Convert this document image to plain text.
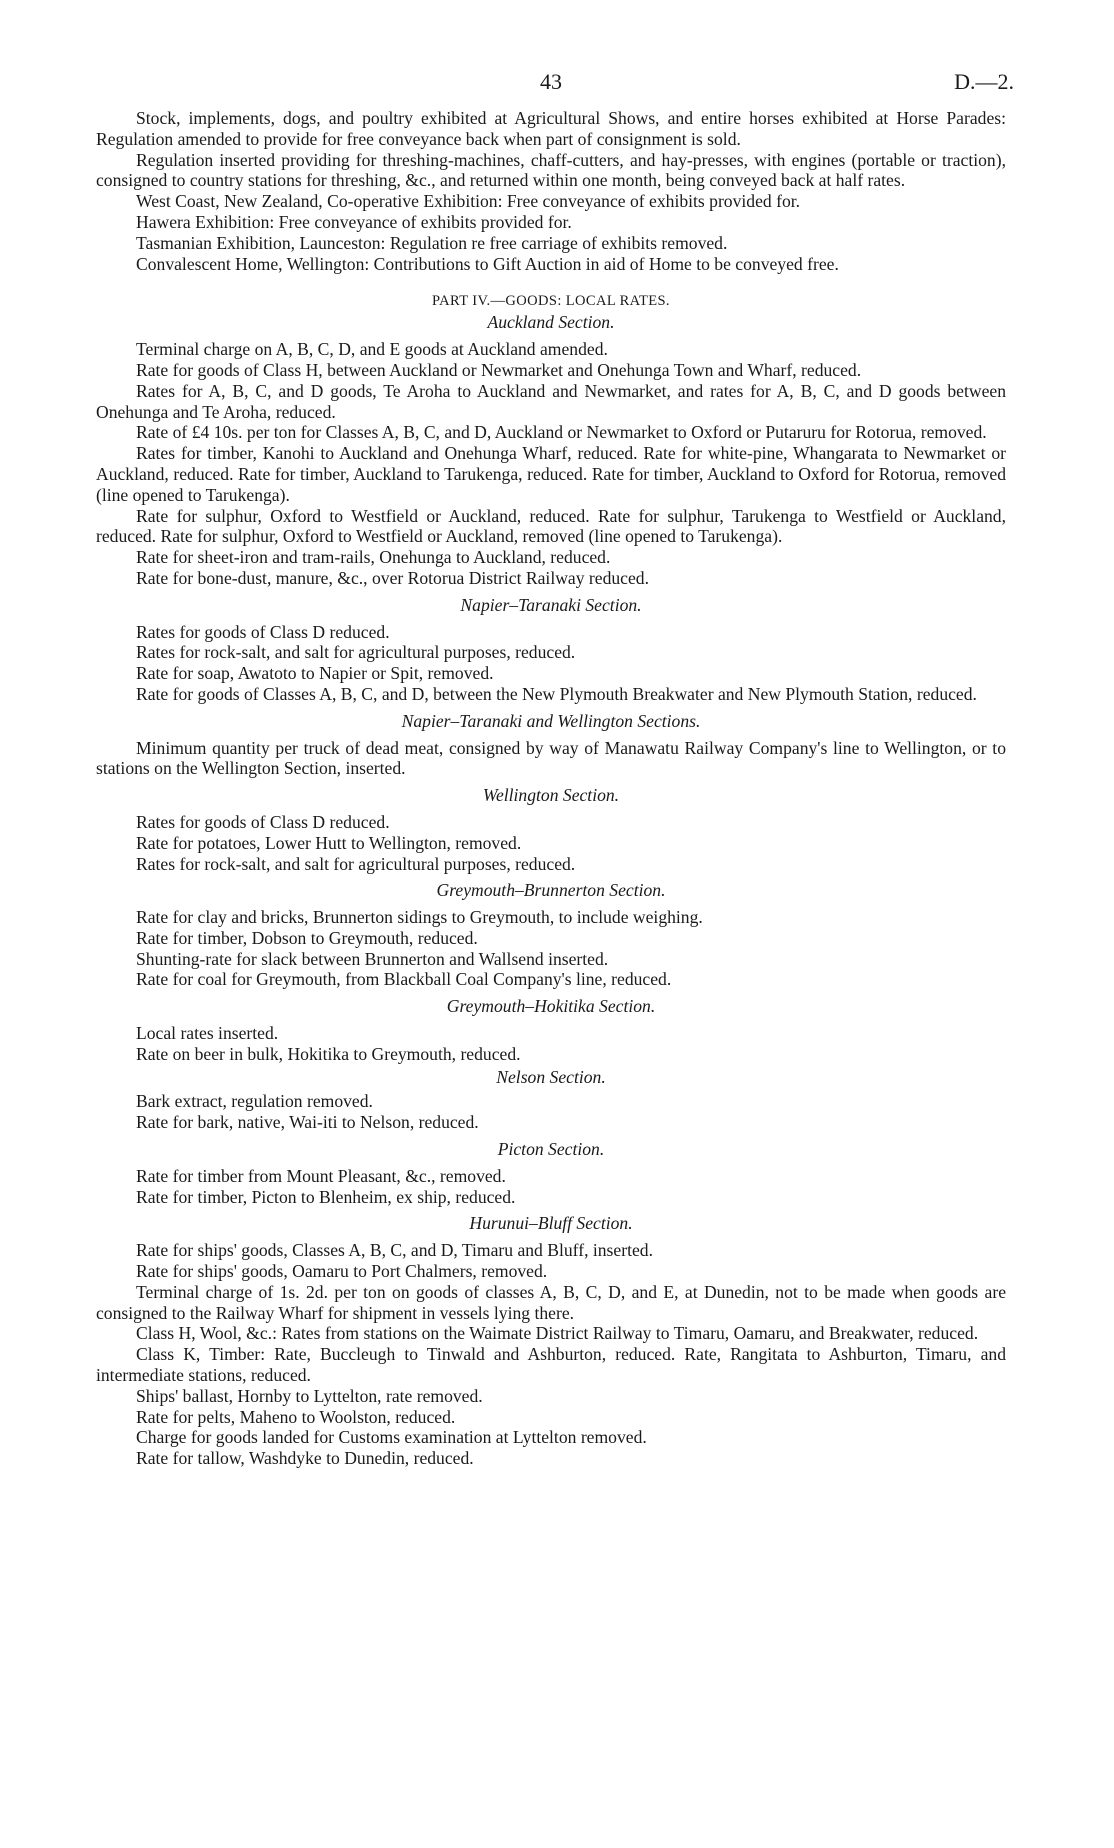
43	D.—2.

Stock, implements, dogs, and poultry exhibited at Agricultural Shows, and entire horses exhibited at Horse Parades: Regulation amended to provide for free conveyance back when part of consignment is sold.

Regulation inserted providing for threshing-machines, chaff-cutters, and hay-presses, with engines (portable or traction), consigned to country stations for threshing, &c., and returned within one month, being conveyed back at half rates.

West Coast, New Zealand, Co-operative Exhibition: Free conveyance of exhibits provided for.

Hawera Exhibition: Free conveyance of exhibits provided for.

Tasmanian Exhibition, Launceston: Regulation re free carriage of exhibits removed.

Convalescent Home, Wellington: Contributions to Gift Auction in aid of Home to be conveyed free.

PART IV.—GOODS: LOCAL RATES.
Auckland Section.

Terminal charge on A, B, C, D, and E goods at Auckland amended.

Rate for goods of Class H, between Auckland or Newmarket and Onehunga Town and Wharf, reduced.

Rates for A, B, C, and D goods, Te Aroha to Auckland and Newmarket, and rates for A, B, C, and D goods between Onehunga and Te Aroha, reduced.

Rate of £4 10s. per ton for Classes A, B, C, and D, Auckland or Newmarket to Oxford or Putaruru for Rotorua, removed.

Rates for timber, Kanohi to Auckland and Onehunga Wharf, reduced. Rate for white-pine, Whangarata to Newmarket or Auckland, reduced. Rate for timber, Auckland to Tarukenga, reduced. Rate for timber, Auckland to Oxford for Rotorua, removed (line opened to Tarukenga).

Rate for sulphur, Oxford to Westfield or Auckland, reduced. Rate for sulphur, Tarukenga to Westfield or Auckland, reduced. Rate for sulphur, Oxford to Westfield or Auckland, removed (line opened to Tarukenga).

Rate for sheet-iron and tram-rails, Onehunga to Auckland, reduced.

Rate for bone-dust, manure, &c., over Rotorua District Railway reduced.

Napier–Taranaki Section.

Rates for goods of Class D reduced.

Rates for rock-salt, and salt for agricultural purposes, reduced.

Rate for soap, Awatoto to Napier or Spit, removed.

Rate for goods of Classes A, B, C, and D, between the New Plymouth Breakwater and New Plymouth Station, reduced.

Napier–Taranaki and Wellington Sections.

Minimum quantity per truck of dead meat, consigned by way of Manawatu Railway Company's line to Wellington, or to stations on the Wellington Section, inserted.

Wellington Section.

Rates for goods of Class D reduced.

Rate for potatoes, Lower Hutt to Wellington, removed.

Rates for rock-salt, and salt for agricultural purposes, reduced.

Greymouth–Brunnerton Section.

Rate for clay and bricks, Brunnerton sidings to Greymouth, to include weighing.

Rate for timber, Dobson to Greymouth, reduced.

Shunting-rate for slack between Brunnerton and Wallsend inserted.

Rate for coal for Greymouth, from Blackball Coal Company's line, reduced.

Greymouth–Hokitika Section.

Local rates inserted.

Rate on beer in bulk, Hokitika to Greymouth, reduced.

Nelson Section.

Bark extract, regulation removed.

Rate for bark, native, Wai-iti to Nelson, reduced.

Picton Section.

Rate for timber from Mount Pleasant, &c., removed.

Rate for timber, Picton to Blenheim, ex ship, reduced.

Hurunui–Bluff Section.

Rate for ships' goods, Classes A, B, C, and D, Timaru and Bluff, inserted.

Rate for ships' goods, Oamaru to Port Chalmers, removed.

Terminal charge of 1s. 2d. per ton on goods of classes A, B, C, D, and E, at Dunedin, not to be made when goods are consigned to the Railway Wharf for shipment in vessels lying there.

Class H, Wool, &c.: Rates from stations on the Waimate District Railway to Timaru, Oamaru, and Breakwater, reduced.

Class K, Timber: Rate, Buccleugh to Tinwald and Ashburton, reduced. Rate, Rangitata to Ashburton, Timaru, and intermediate stations, reduced.

Ships' ballast, Hornby to Lyttelton, rate removed.

Rate for pelts, Maheno to Woolston, reduced.

Charge for goods landed for Customs examination at Lyttelton removed.

Rate for tallow, Washdyke to Dunedin, reduced.
